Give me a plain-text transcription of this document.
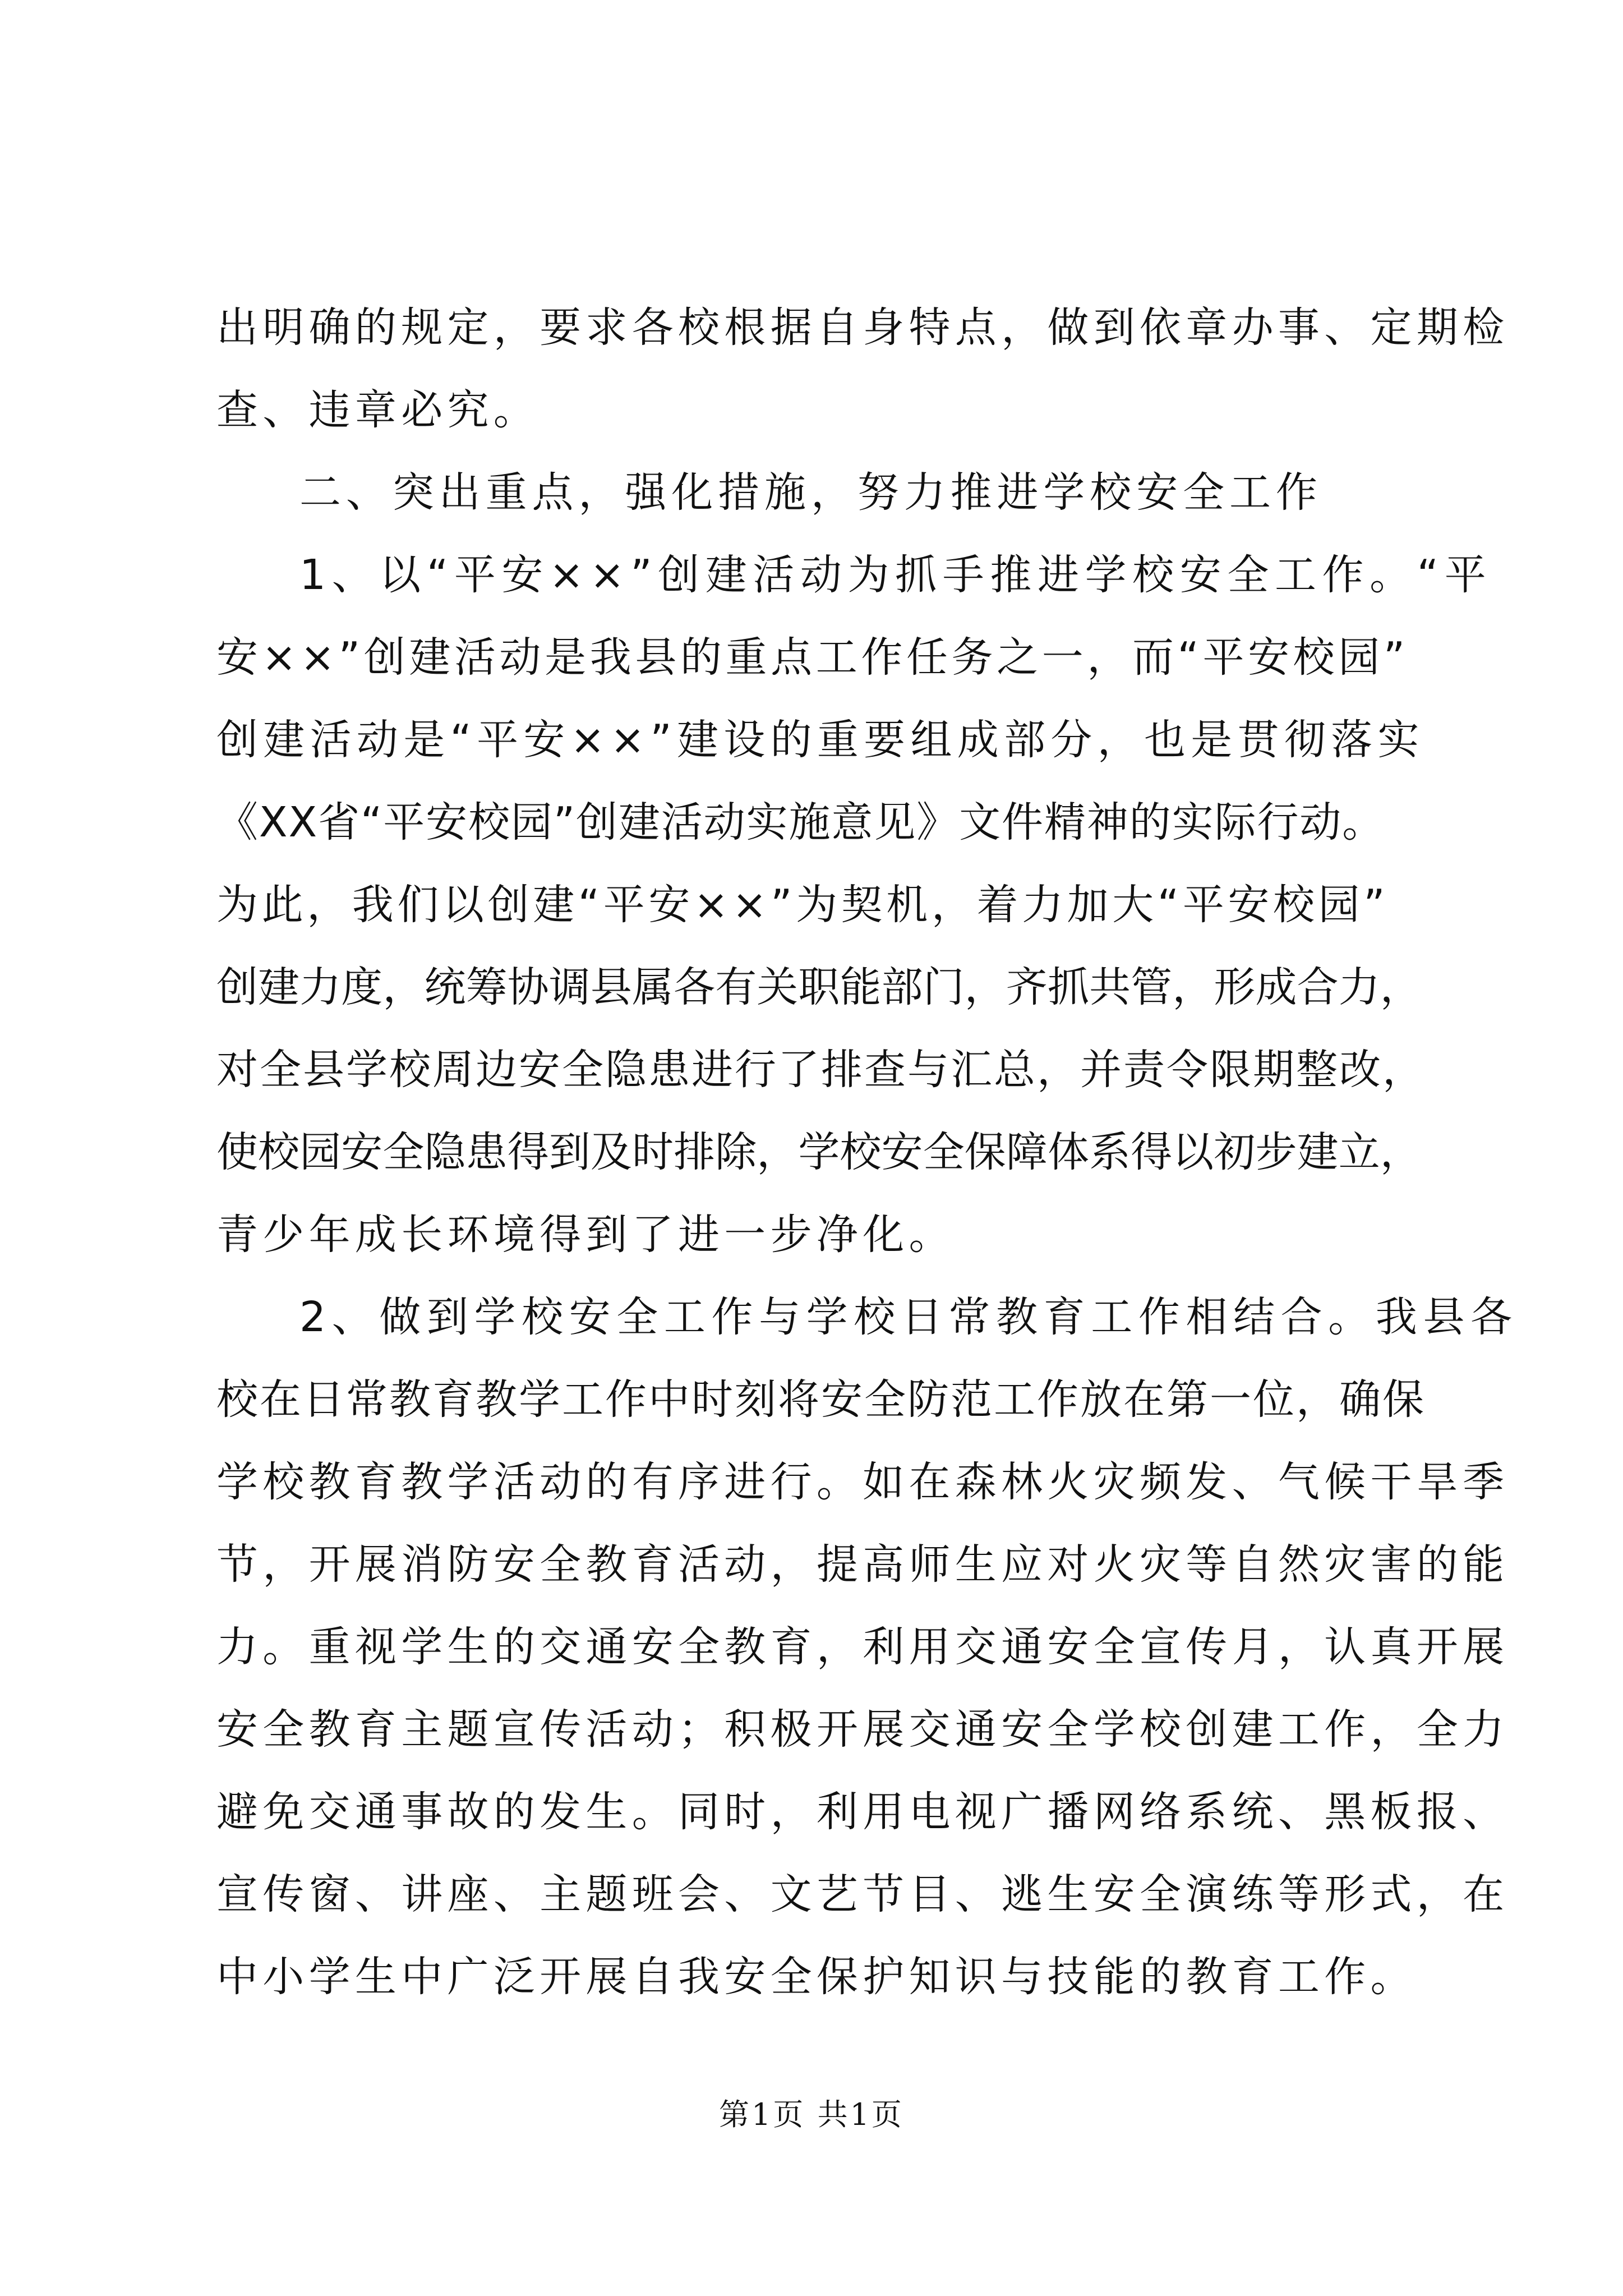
出明确的规定，要求各校根据自身特点，做到依章办事、定期检
查、违章必究。
二、突出重点，强化措施，努力推进学校安全工作
1、以“平安××”创建活动为抓手推进学校安全工作。“平
安××”创建活动是我县的重点工作任务之一，而“平安校园”
创建活动是“平安××”建设的重要组成部分，也是贯彻落实
《XX省“平安校园”创建活动实施意见》文件精神的实际行动。
为此，我们以创建“平安××”为契机，着力加大“平安校园”
创建力度，统筹协调县属各有关职能部门，齐抓共管，形成合力，
对全县学校周边安全隐患进行了排查与汇总，并责令限期整改，
使校园安全隐患得到及时排除，学校安全保障体系得以初步建立，
青少年成长环境得到了进一步净化。
2、做到学校安全工作与学校日常教育工作相结合。我县各
校在日常教育教学工作中时刻将安全防范工作放在第一位，确保
学校教育教学活动的有序进行。如在森林火灾频发、气候干旱季
节，开展消防安全教育活动，提高师生应对火灾等自然灾害的能
力。重视学生的交通安全教育，利用交通安全宣传月，认真开展
安全教育主题宣传活动；积极开展交通安全学校创建工作，全力
避免交通事故的发生。同时，利用电视广播网络系统、黑板报、
宣传窗、讲座、主题班会、文艺节目、逃生安全演练等形式，在
中小学生中广泛开展自我安全保护知识与技能的教育工作。
第1页 共1页
